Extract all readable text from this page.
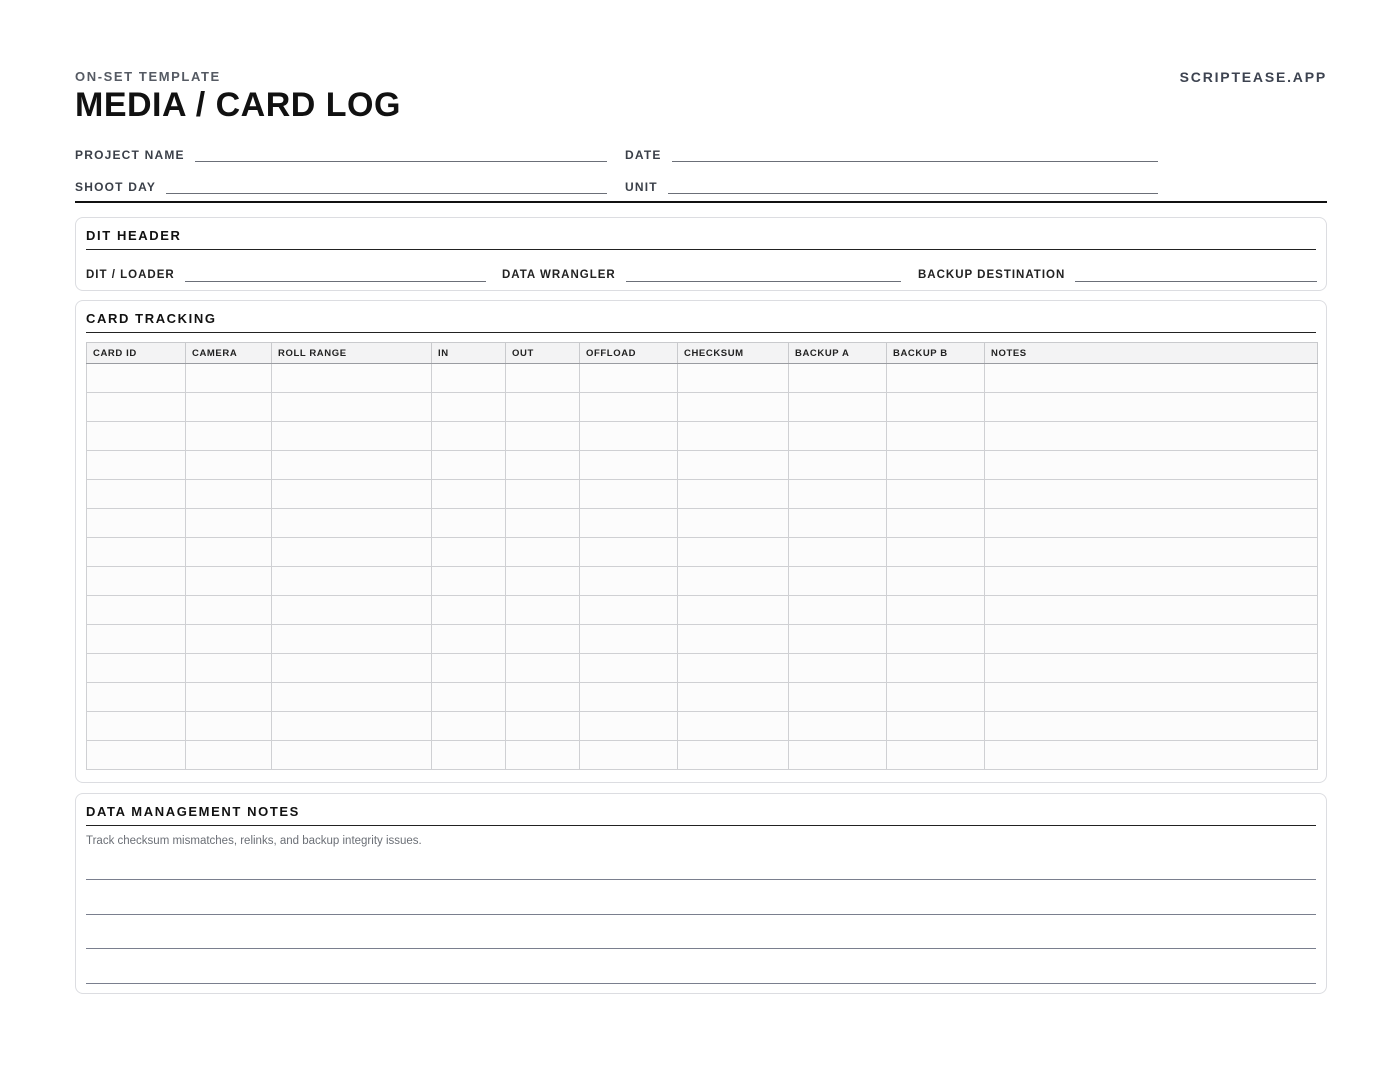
ON-SET TEMPLATE	SCRIPTEASE.APP
MEDIA / CARD LOG
PROJECT NAME	DATE
SHOOT DAY	UNIT
DIT HEADER
DIT / LOADER	DATA WRANGLER	BACKUP DESTINATION
CARD TRACKING
CARD ID	CAMERA	ROLL RANGE	IN	OUT	OFFLOAD	CHECKSUM	BACKUP A	BACKUP B	NOTES

DATA MANAGEMENT NOTES
Track checksum mismatches, relinks, and backup integrity issues.
